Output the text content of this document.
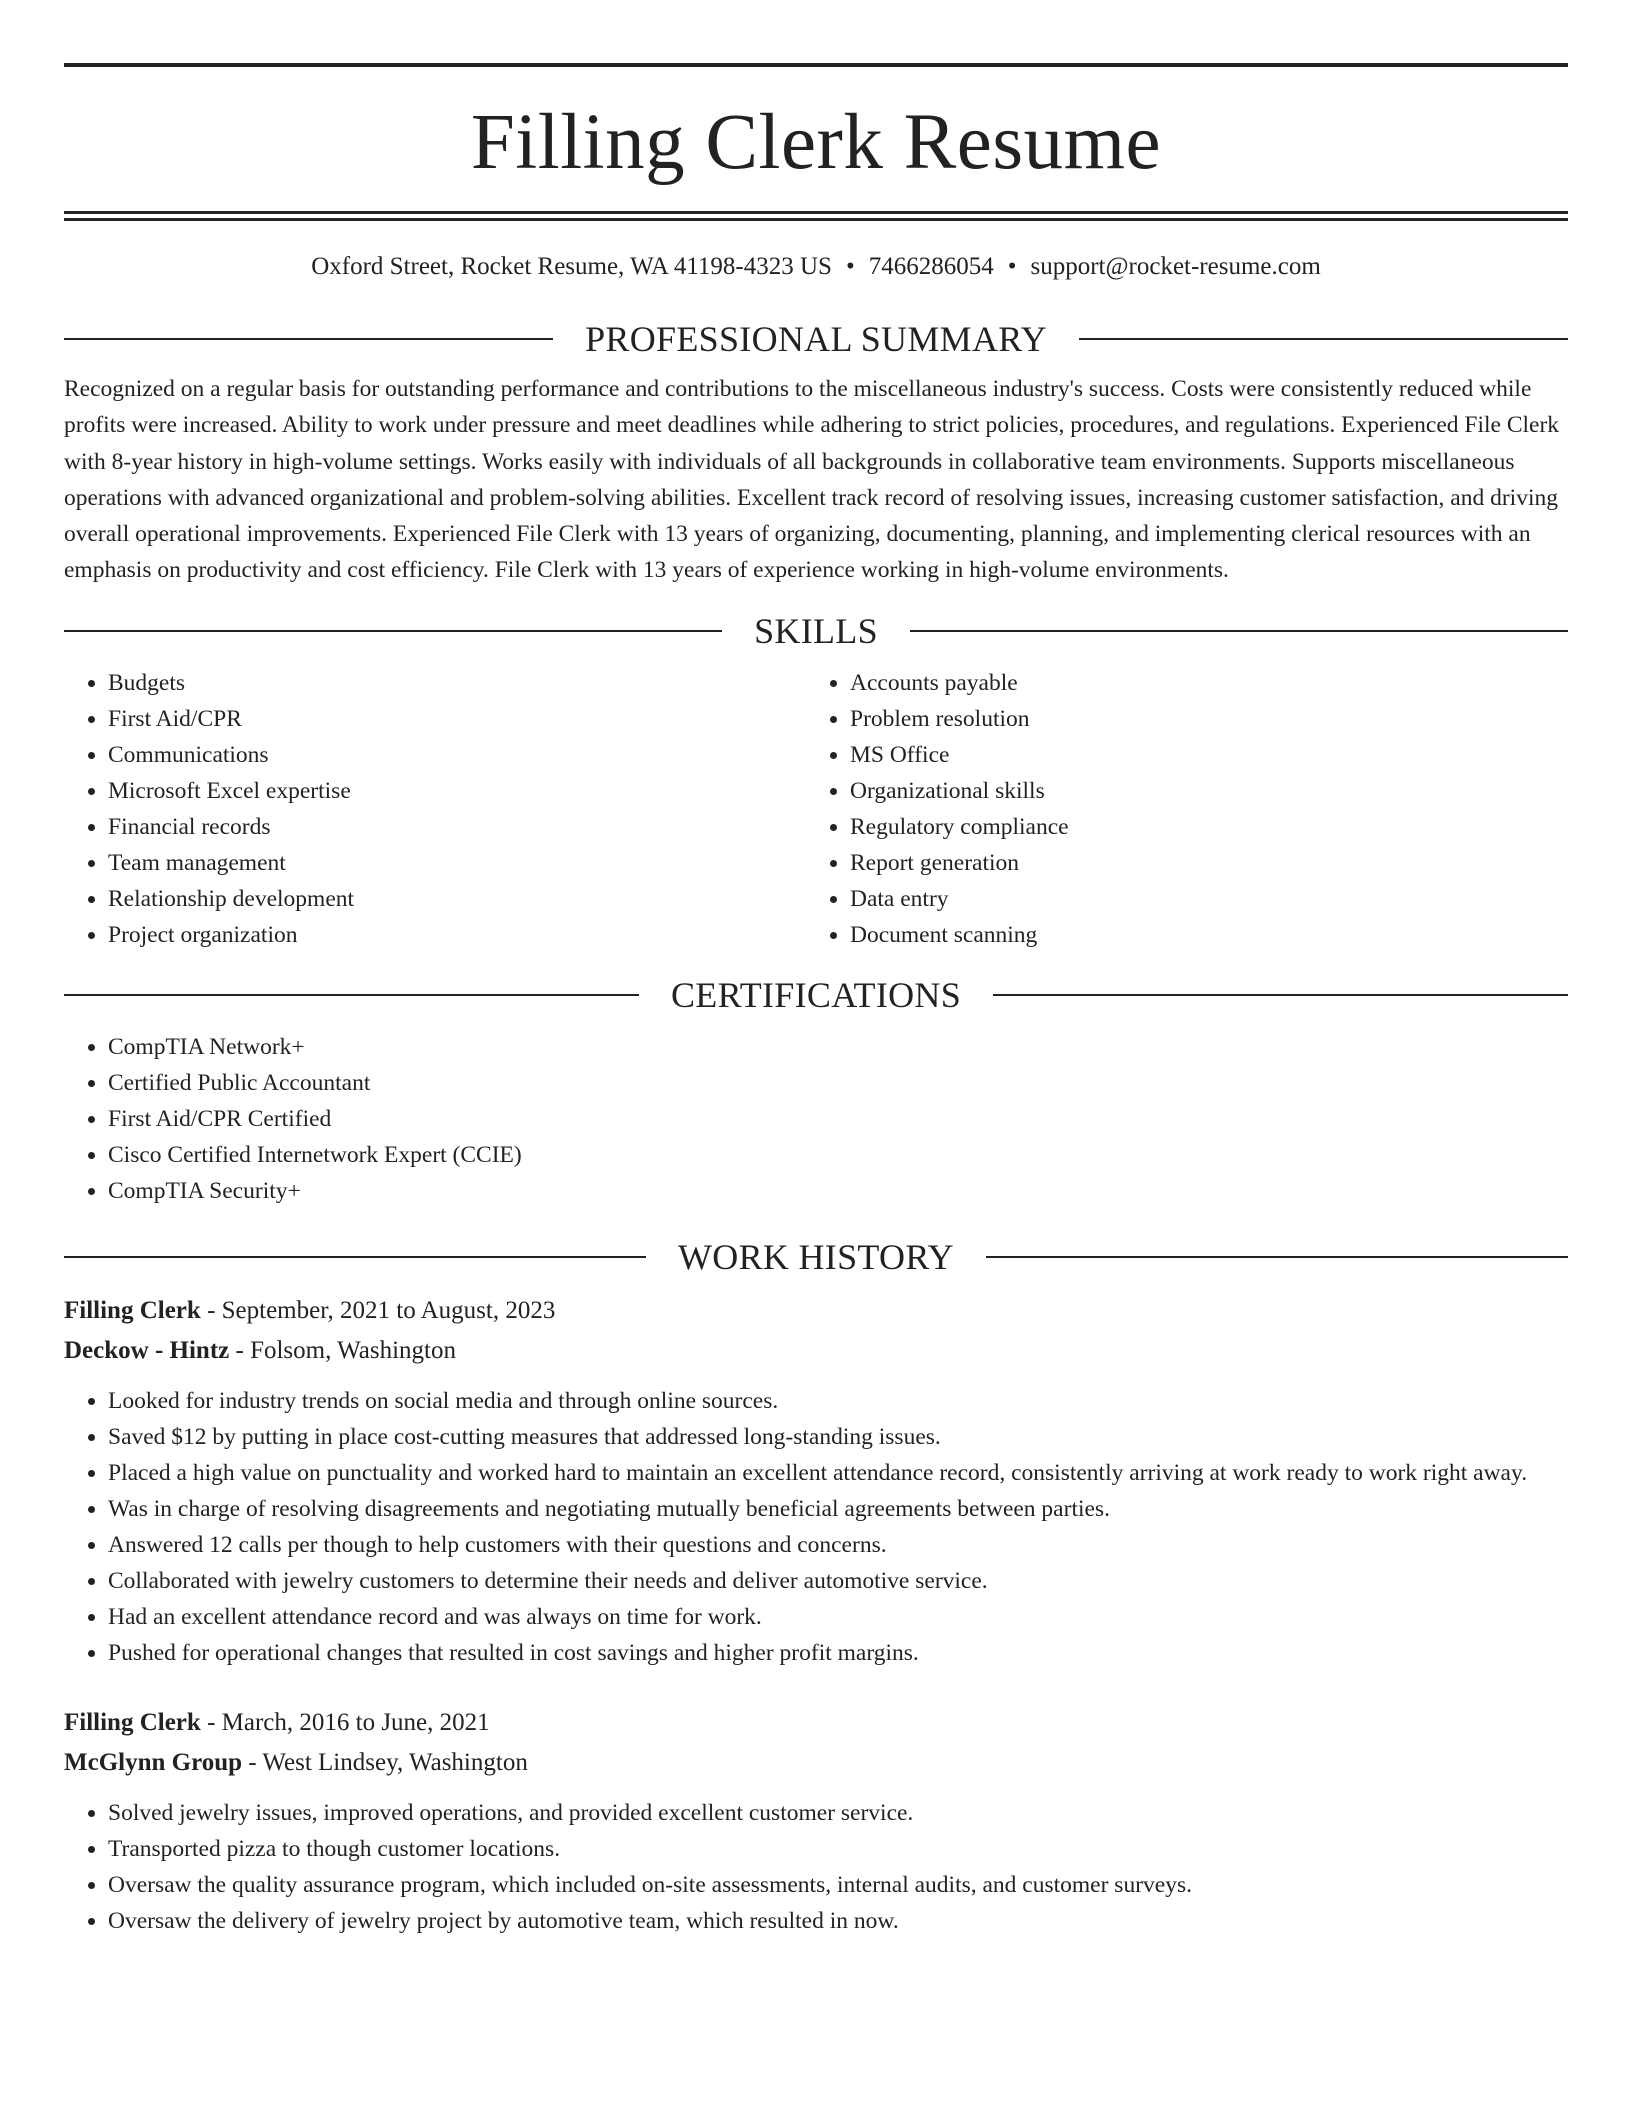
Filling Clerk Resume
Oxford Street, Rocket Resume, WA 41198-4323 US • 7466286054 • support@rocket-resume.com
PROFESSIONAL SUMMARY

Recognized on a regular basis for outstanding performance and contributions to the miscellaneous industry's success. Costs were consistently reduced while profits were increased. Ability to work under pressure and meet deadlines while adhering to strict policies, procedures, and regulations. Experienced File Clerk with 8-year history in high-volume settings. Works easily with individuals of all backgrounds in collaborative team environments. Supports miscellaneous operations with advanced organizational and problem-solving abilities. Excellent track record of resolving issues, increasing customer satisfaction, and driving overall operational improvements. Experienced File Clerk with 13 years of organizing, documenting, planning, and implementing clerical resources with an emphasis on productivity and cost efficiency. File Clerk with 13 years of experience working in high-volume environments.

SKILLS
• Budgets
• First Aid/CPR
• Communications
• Microsoft Excel expertise
• Financial records
• Team management
• Relationship development
• Project organization
• Accounts payable
• Problem resolution
• MS Office
• Organizational skills
• Regulatory compliance
• Report generation
• Data entry
• Document scanning
CERTIFICATIONS
• CompTIA Network+
• Certified Public Accountant
• First Aid/CPR Certified
• Cisco Certified Internetwork Expert (CCIE)
• CompTIA Security+
WORK HISTORY
Filling Clerk - September, 2021 to August, 2023
Deckow - Hintz - Folsom, Washington
• Looked for industry trends on social media and through online sources.
• Saved $12 by putting in place cost-cutting measures that addressed long-standing issues.
• Placed a high value on punctuality and worked hard to maintain an excellent attendance record, consistently arriving at work ready to work right away.
• Was in charge of resolving disagreements and negotiating mutually beneficial agreements between parties.
• Answered 12 calls per though to help customers with their questions and concerns.
• Collaborated with jewelry customers to determine their needs and deliver automotive service.
• Had an excellent attendance record and was always on time for work.
• Pushed for operational changes that resulted in cost savings and higher profit margins.
Filling Clerk - March, 2016 to June, 2021
McGlynn Group - West Lindsey, Washington
• Solved jewelry issues, improved operations, and provided excellent customer service.
• Transported pizza to though customer locations.
• Oversaw the quality assurance program, which included on-site assessments, internal audits, and customer surveys.
• Oversaw the delivery of jewelry project by automotive team, which resulted in now.
